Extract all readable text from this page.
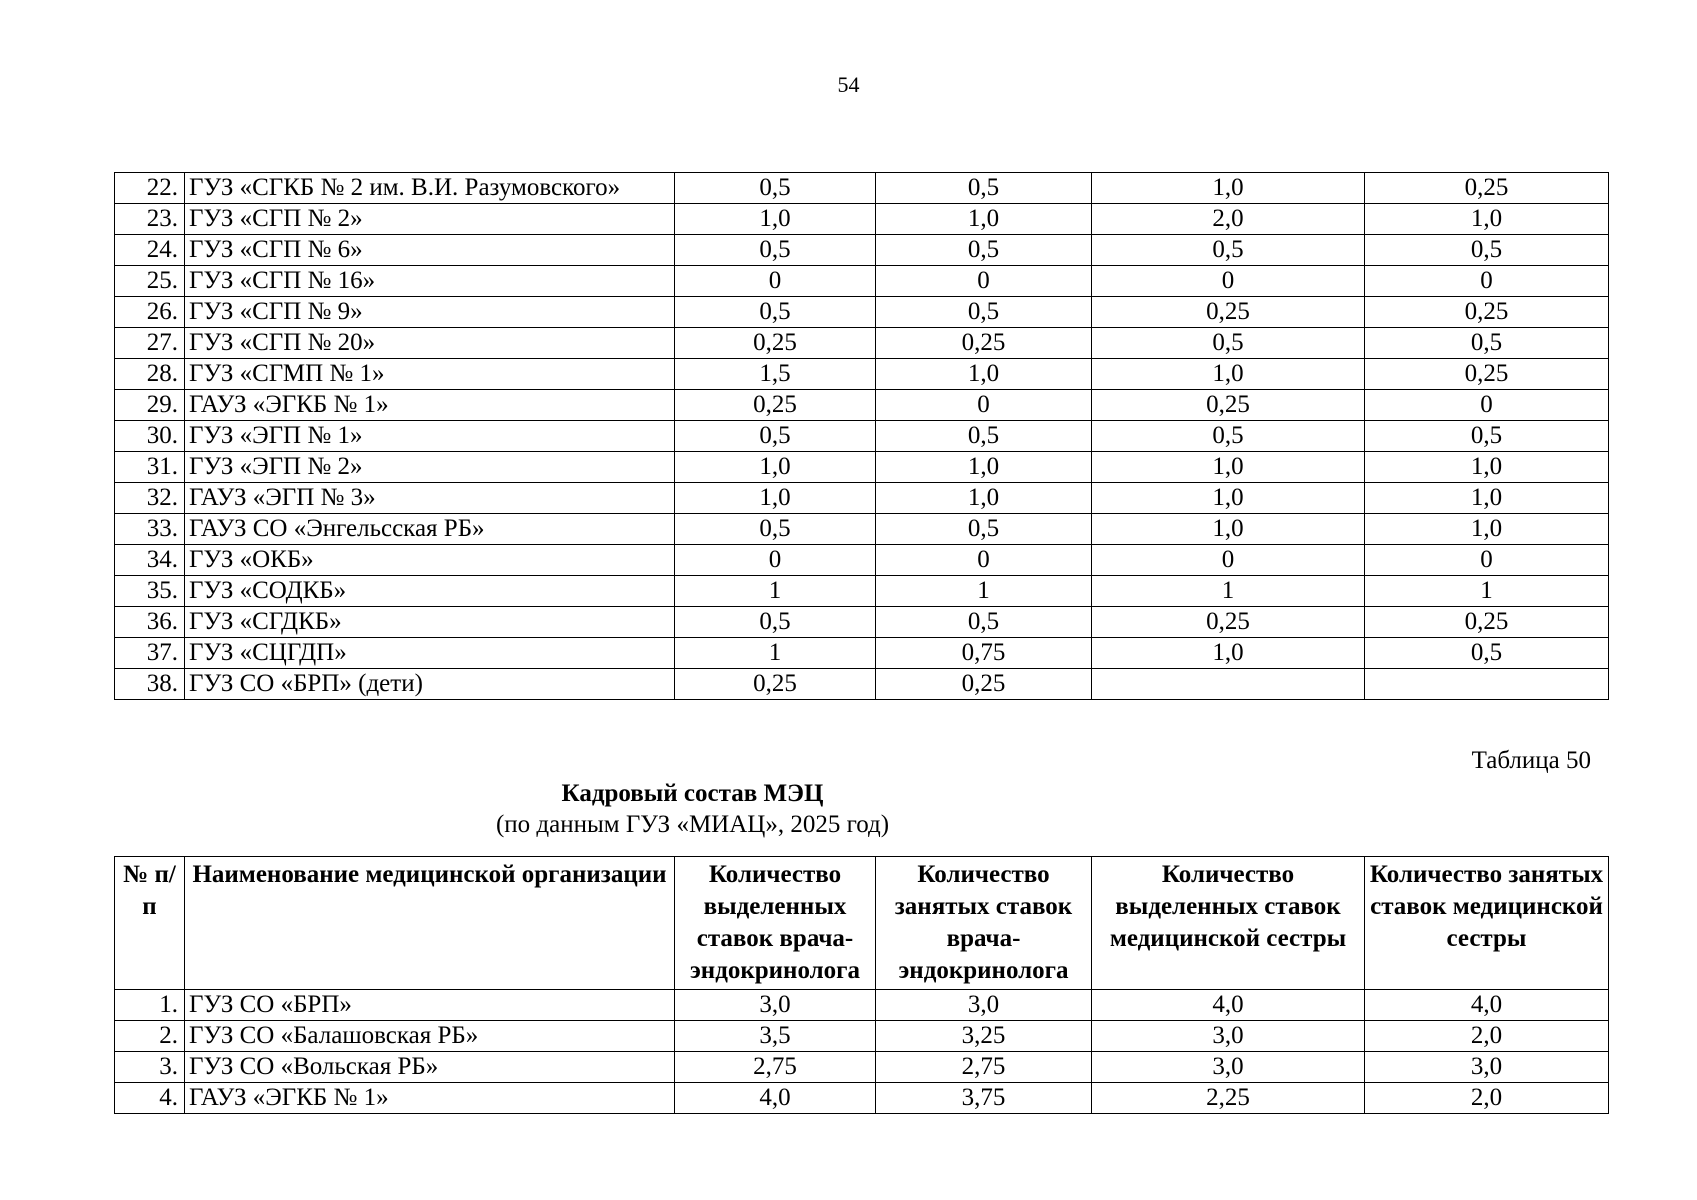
54
22.	ГУЗ «СГКБ № 2 им. В.И. Разумовского»	0,5	0,5	1,0	0,25
23.	ГУЗ «СГП № 2»	1,0	1,0	2,0	1,0
24.	ГУЗ «СГП № 6»	0,5	0,5	0,5	0,5
25.	ГУЗ «СГП № 16»	0	0	0	0
26.	ГУЗ «СГП № 9»	0,5	0,5	0,25	0,25
27.	ГУЗ «СГП № 20»	0,25	0,25	0,5	0,5
28.	ГУЗ «СГМП № 1»	1,5	1,0	1,0	0,25
29.	ГАУЗ «ЭГКБ № 1»	0,25	0	0,25	0
30.	ГУЗ «ЭГП № 1»	0,5	0,5	0,5	0,5
31.	ГУЗ «ЭГП № 2»	1,0	1,0	1,0	1,0
32.	ГАУЗ «ЭГП № 3»	1,0	1,0	1,0	1,0
33.	ГАУЗ СО «Энгельсская РБ»	0,5	0,5	1,0	1,0
34.	ГУЗ «ОКБ»	0	0	0	0
35.	ГУЗ «СОДКБ»	1	1	1	1
36.	ГУЗ «СГДКБ»	0,5	0,5	0,25	0,25
37.	ГУЗ «СЦГДП»	1	0,75	1,0	0,5
38.	ГУЗ СО «БРП» (дети)	0,25	0,25		
Таблица 50
Кадровый состав МЭЦ
(по данным ГУЗ «МИАЦ», 2025 год)
№ п/п	Наименование медицинской организации	Количество выделенных ставок врача-эндокринолога	Количество занятых ставок врача-эндокринолога	Количество выделенных ставок медицинской сестры	Количество занятых ставок медицинской сестры
1.	ГУЗ СО «БРП»	3,0	3,0	4,0	4,0
2.	ГУЗ СО «Балашовская РБ»	3,5	3,25	3,0	2,0
3.	ГУЗ СО «Вольская РБ»	2,75	2,75	3,0	3,0
4.	ГАУЗ «ЭГКБ № 1»	4,0	3,75	2,25	2,0
